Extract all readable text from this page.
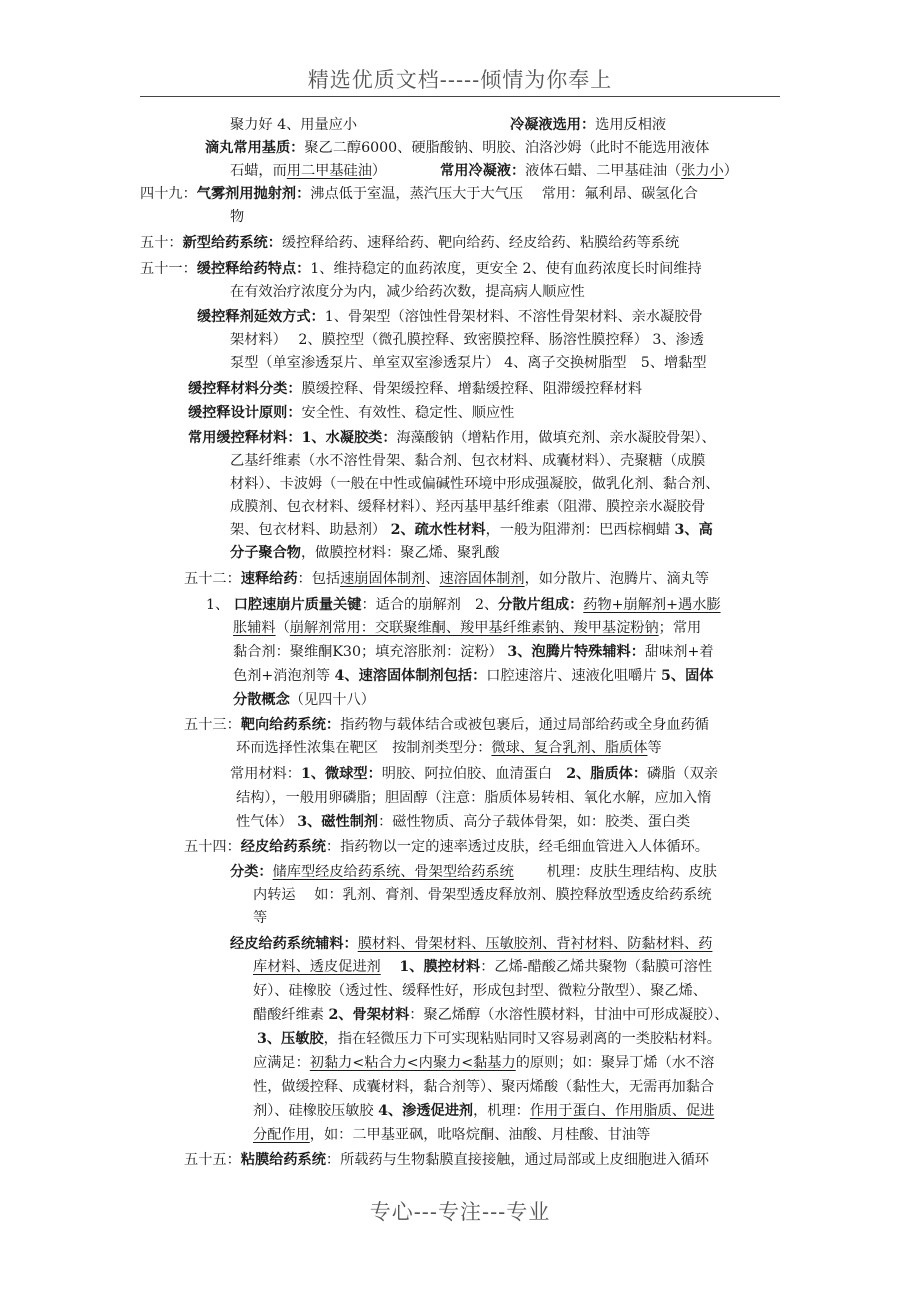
精选优质文档-----倾情为你奉上
聚力好 4、用量应小	冷凝液选用：选用反相液
滴丸常用基质：聚乙二醇6000、硬脂酸钠、明胶、泊洛沙姆（此时不能选用液体
石蜡，而用二甲基硅油）	常用冷凝液：液体石蜡、二甲基硅油（张力小）
四十九：气雾剂用抛射剂：沸点低于室温，蒸汽压大于大气压　 常用：氟利昂、碳氢化合
物
五十：新型给药系统：缓控释给药、速释给药、靶向给药、经皮给药、粘膜给药等系统
五十一：缓控释给药特点：1、维持稳定的血药浓度，更安全 2、使有血药浓度长时间维持
在有效治疗浓度分为内，减少给药次数，提高病人顺应性
缓控释剂延效方式：1、骨架型（溶蚀性骨架材料、不溶性骨架材料、亲水凝胶骨
架材料）　 2、膜控型（微孔膜控释、致密膜控释、肠溶性膜控释） 3、渗透
泵型（单室渗透泵片、单室双室渗透泵片） 4、离子交换树脂型　5、增黏型
缓控释材料分类：膜缓控释、骨架缓控释、增黏缓控释、阻滞缓控释材料
缓控释设计原则：安全性、有效性、稳定性、顺应性
常用缓控释材料：1、水凝胶类：海藻酸钠（增粘作用，做填充剂、亲水凝胶骨架）、
乙基纤维素（水不溶性骨架、黏合剂、包衣材料、成囊材料）、壳聚糖（成膜
材料）、卡波姆（一般在中性或偏碱性环境中形成强凝胶，做乳化剂、黏合剂、
成膜剂、包衣材料、缓释材料）、羟丙基甲基纤维素（阻滞、膜控亲水凝胶骨
架、包衣材料、助悬剂） 2、疏水性材料，一般为阻滞剂：巴西棕榈蜡 3、高
分子聚合物，做膜控材料：聚乙烯、聚乳酸
五十二：速释给药：包括速崩固体制剂、速溶固体制剂，如分散片、泡腾片、滴丸等
1、 口腔速崩片质量关键：适合的崩解剂　2、分散片组成：药物+崩解剂+遇水膨
胀辅料（崩解剂常用：交联聚维酮、羧甲基纤维素钠、羧甲基淀粉钠；常用
黏合剂：聚维酮K30；填充溶胀剂：淀粉） 3、泡腾片特殊辅料：甜味剂+着
色剂+消泡剂等 4、速溶固体制剂包括：口腔速溶片、速液化咀嚼片 5、固体
分散概念（见四十八）
五十三：靶向给药系统：指药物与载体结合或被包裹后，通过局部给药或全身血药循
环而选择性浓集在靶区　按制剂类型分：微球、复合乳剂、脂质体等
常用材料：1、微球型：明胶、阿拉伯胶、血清蛋白　2、脂质体：磷脂（双亲
结构），一般用卵磷脂；胆固醇（注意：脂质体易转相、氧化水解，应加入惰
性气体） 3、磁性制剂：磁性物质、高分子载体骨架，如：胶类、蛋白类
五十四：经皮给药系统：指药物以一定的速率透过皮肤，经毛细血管进入人体循环。
分类：储库型经皮给药系统、骨架型给药系统　　 机理：皮肤生理结构、皮肤
内转运　 如：乳剂、膏剂、骨架型透皮释放剂、膜控释放型透皮给药系统
等
经皮给药系统辅料：膜材料、骨架材料、压敏胶剂、背衬材料、防黏材料、药
库材料、透皮促进剂　 1、膜控材料：乙烯-醋酸乙烯共聚物（黏膜可溶性
好）、硅橡胶（透过性、缓释性好，形成包封型、微粒分散型）、聚乙烯、
醋酸纤维素 2、骨架材料：聚乙烯醇（水溶性膜材料，甘油中可形成凝胶）、
3、压敏胶，指在轻微压力下可实现粘贴同时又容易剥离的一类胶粘材料。
应满足：初黏力<粘合力<内聚力<黏基力的原则；如：聚异丁烯（水不溶
性，做缓控释、成囊材料，黏合剂等）、聚丙烯酸（黏性大，无需再加黏合
剂）、硅橡胶压敏胶 4、渗透促进剂，机理：作用于蛋白、作用脂质、促进
分配作用，如：二甲基亚砜，吡咯烷酮、油酸、月桂酸、甘油等
五十五：粘膜给药系统：所载药与生物黏膜直接接触，通过局部或上皮细胞进入循环
专心---专注---专业
